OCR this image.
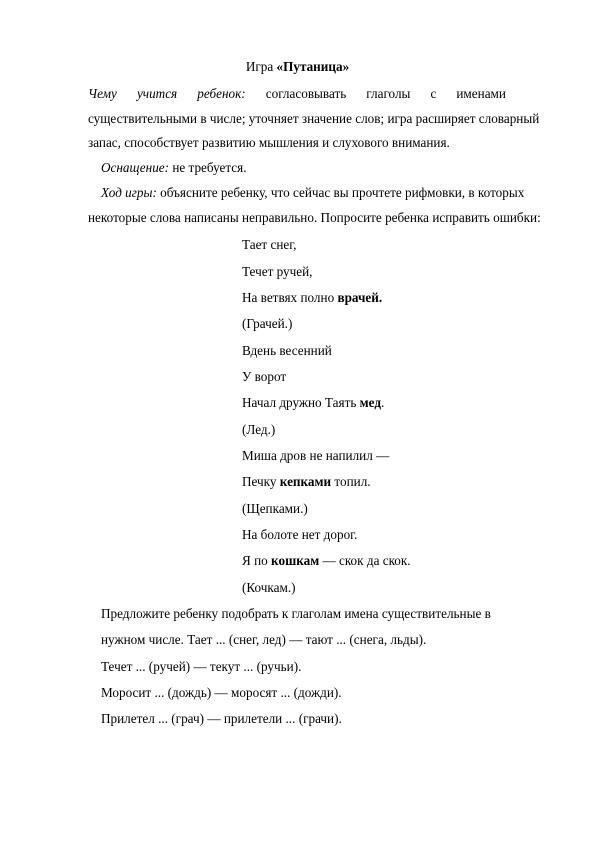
Игра «Путаница»
Чему учится ребенок: согласовывать глаголы с именами
существительными в числе; уточняет значение слов; игра расширяет словарный
запас, способствует развитию мышления и слухового внимания.
Оснащение: не требуется.
Ход игры: объясните ребенку, что сейчас вы прочтете рифмовки, в которых
некоторые слова написаны неправильно. Попросите ребенка исправить ошибки:
Тает снег,
Течет ручей,
На ветвях полно врачей.
(Грачей.)
Вдень весенний
У ворот
Начал дружно Таять мед.
(Лед.)
Миша дров не напилил —
Печку кепками топил.
(Щепками.)
На болоте нет дорог.
Я по кошкам — скок да скок.
(Кочкам.)
Предложите ребенку подобрать к глаголам имена существительные в
нужном числе. Тает ... (снег, лед) — тают ... (снега, льды).
Течет ... (ручей) — текут ... (ручьи).
Моросит ... (дождь) — моросят ... (дожди).
Прилетел ... (грач) — прилетели ... (грачи).
